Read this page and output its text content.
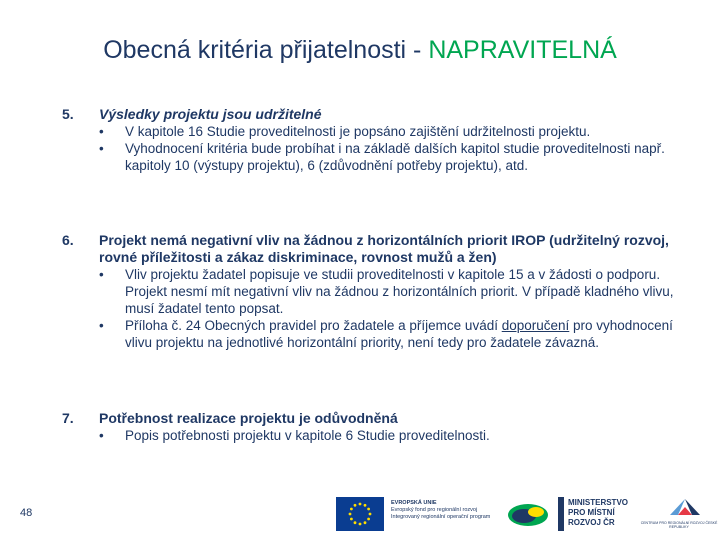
Obecná kritéria přijatelnosti - NAPRAVITELNÁ
5.	Výsledky projektu jsou udržitelné
•	V kapitole 16 Studie proveditelnosti je popsáno zajištění udržitelnosti projektu.
•	Vyhodnocení kritéria bude probíhat i na základě dalších kapitol studie proveditelnosti např. kapitoly 10 (výstupy projektu), 6 (zdůvodnění potřeby projektu), atd.
6.	Projekt nemá negativní vliv na žádnou z horizontálních priorit IROP (udržitelný rozvoj, rovné příležitosti a zákaz diskriminace, rovnost mužů a žen)
•	Vliv projektu žadatel popisuje ve studii proveditelnosti v kapitole 15 a v žádosti o podporu. Projekt nesmí mít negativní vliv na žádnou z horizontálních priorit. V případě kladného vlivu, musí žadatel tento popsat.
•	Příloha č. 24 Obecných pravidel pro žadatele a příjemce uvádí doporučení pro vyhodnocení vlivu projektu na jednotlivé horizontální priority, není tedy pro žadatele závazná.
7.	Potřebnost realizace projektu je odůvodněná
•	Popis potřebnosti projektu v kapitole 6 Studie proveditelnosti.
48
EVROPSKÁ UNIE
Evropský fond pro regionální rozvoj
Integrovaný regionální operační program
MINISTERSTVO
PRO MÍSTNÍ
ROZVOJ ČR	CENTRUM PRO REGIONÁLNÍ ROZVOJ ČESKÉ REPUBLIKY
